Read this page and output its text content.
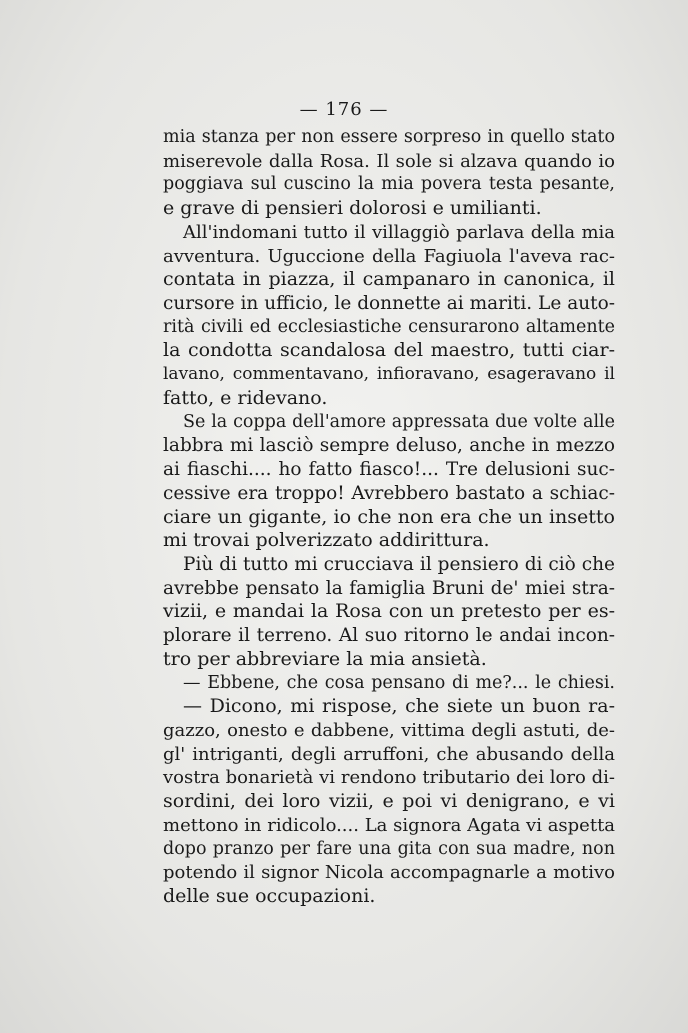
— 176 —
mia stanza per non essere sorpreso in quello stato
miserevole dalla Rosa. Il sole si alzava quando io
poggiava sul cuscino la mia povera testa pesante,
e grave di pensieri dolorosi e umilianti.
All'indomani tutto il villaggiò parlava della mia
avventura. Uguccione della Fagiuola l'aveva rac-
contata in piazza, il campanaro in canonica, il
cursore in ufficio, le donnette ai mariti. Le auto-
rità civili ed ecclesiastiche censurarono altamente
la condotta scandalosa del maestro, tutti ciar-
lavano, commentavano, infioravano, esageravano il
fatto, e ridevano.
Se la coppa dell'amore appressata due volte alle
labbra mi lasciò sempre deluso, anche in mezzo
ai fiaschi.... ho fatto fiasco!... Tre delusioni suc-
cessive era troppo! Avrebbero bastato a schiac-
ciare un gigante, io che non era che un insetto
mi trovai polverizzato addirittura.
Più di tutto mi crucciava il pensiero di ciò che
avrebbe pensato la famiglia Bruni de' miei stra-
vizii, e mandai la Rosa con un pretesto per es-
plorare il terreno. Al suo ritorno le andai incon-
tro per abbreviare la mia ansietà.
— Ebbene, che cosa pensano di me?... le chiesi.
— Dicono, mi rispose, che siete un buon ra-
gazzo, onesto e dabbene, vittima degli astuti, de-
gl' intriganti, degli arruffoni, che abusando della
vostra bonarietà vi rendono tributario dei loro di-
sordini, dei loro vizii, e poi vi denigrano, e vi
mettono in ridicolo.... La signora Agata vi aspetta
dopo pranzo per fare una gita con sua madre, non
potendo il signor Nicola accompagnarle a motivo
delle sue occupazioni.
